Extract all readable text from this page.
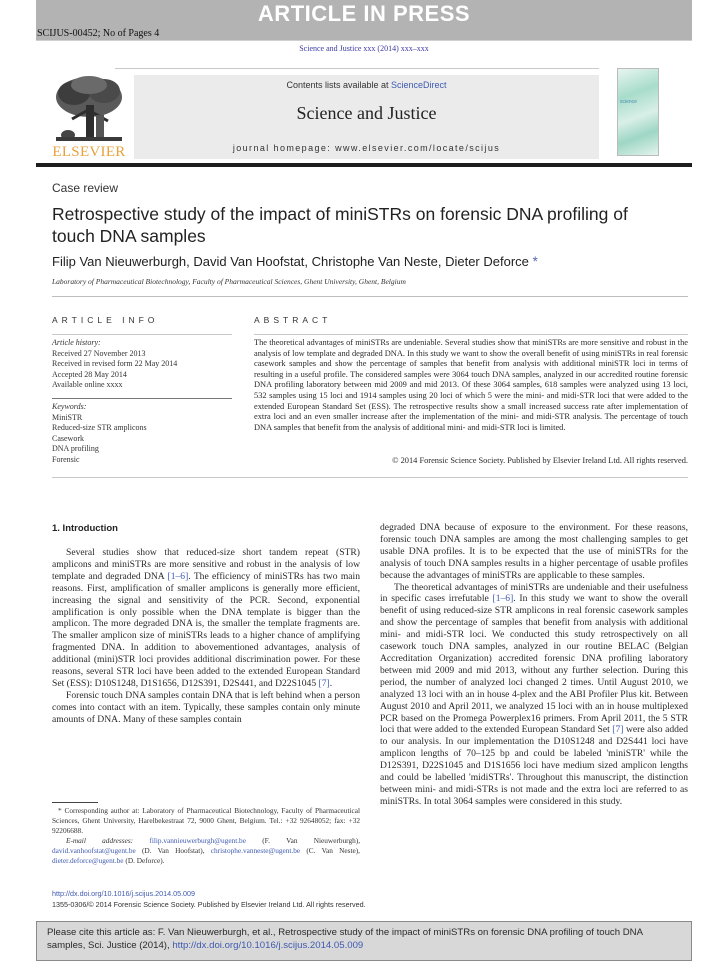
ARTICLE IN PRESS
SCIJUS-00452; No of Pages 4
Science and Justice xxx (2014) xxx–xxx
ELSEVIER
Contents lists available at ScienceDirect
Science and Justice
journal homepage: www.elsevier.com/locate/scijus
science
Case review
Retrospective study of the impact of miniSTRs on forensic DNA profiling of touch DNA samples
Filip Van Nieuwerburgh, David Van Hoofstat, Christophe Van Neste, Dieter Deforce *
Laboratory of Pharmaceutical Biotechnology, Faculty of Pharmaceutical Sciences, Ghent University, Ghent, Belgium
ARTICLE INFO	ABSTRACT
Article history:
Received 27 November 2013
Received in revised form 22 May 2014
Accepted 28 May 2014
Available online xxxx
Keywords:
MiniSTR
Reduced-size STR amplicons
Casework
DNA profiling
Forensic
The theoretical advantages of miniSTRs are undeniable. Several studies show that miniSTRs are more sensitive and robust in the analysis of low template and degraded DNA. In this study we want to show the overall benefit of using miniSTRs in real forensic casework samples and show the percentage of samples that benefit from analysis with additional miniSTR loci in terms of resulting in a useful profile. The considered samples were 3064 touch DNA samples, analyzed in our accredited routine forensic DNA profiling laboratory between mid 2009 and mid 2013. Of these 3064 samples, 618 samples were analyzed using 13 loci, 532 samples using 15 loci and 1914 samples using 20 loci of which 5 were the mini- and midi-STR loci that were added to the extended European Standard Set (ESS). The retrospective results show a small increased success rate after implementation of extra loci and an even smaller increase after the implementation of the mini- and midi-STR analysis. The percentage of touch DNA samples that benefit from the analysis of additional mini- and midi-STR loci is limited.
© 2014 Forensic Science Society. Published by Elsevier Ireland Ltd. All rights reserved.
1. Introduction

Several studies show that reduced-size short tandem repeat (STR) amplicons and miniSTRs are more sensitive and robust in the analysis of low template and degraded DNA [1–6]. The efficiency of miniSTRs has two main reasons. First, amplification of smaller amplicons is generally more efficient, increasing the signal and sensitivity of the PCR. Second, exponential amplification is only possible when the DNA template is bigger than the amplicon. The more degraded DNA is, the smaller the template fragments are. The smaller amplicon size of miniSTRs leads to a higher chance of amplifying fragmented DNA. In addition to abovementioned advantages, analysis of additional (mini)STR loci provides additional discrimination power. For these reasons, several STR loci have been added to the extended European Standard Set (ESS): D10S1248, D1S1656, D12S391, D2S441, and D22S1045 [7].

Forensic touch DNA samples contain DNA that is left behind when a person comes into contact with an item. Typically, these samples contain only minute amounts of DNA. Many of these samples contain

degraded DNA because of exposure to the environment. For these reasons, forensic touch DNA samples are among the most challenging samples to get usable DNA profiles. It is to be expected that the use of miniSTRs for the analysis of touch DNA samples results in a higher percentage of usable profiles because the advantages of miniSTRs are applicable to these samples.

The theoretical advantages of miniSTRs are undeniable and their usefulness in specific cases irrefutable [1–6]. In this study we want to show the overall benefit of using reduced-size STR amplicons in real forensic casework samples and show the percentage of samples that benefit from analysis with additional mini- and midi-STR loci. We conducted this study retrospectively on all casework touch DNA samples, analyzed in our routine BELAC (Belgian Accreditation Organization) accredited forensic DNA profiling laboratory between mid 2009 and mid 2013, without any further selection. During this period, the number of analyzed loci changed 2 times. Until August 2010, we analyzed 13 loci with an in house 4-plex and the ABI Profiler Plus kit. Between August 2010 and April 2011, we analyzed 15 loci with an in house multiplexed PCR based on the Promega Powerplex16 primers. From April 2011, the 5 STR loci that were added to the extended European Standard Set [7] were also added to our analysis. In our implementation the D10S1248 and D2S441 loci have amplicon lengths of 70–125 bp and could be labeled 'miniSTR' while the D12S391, D22S1045 and D1S1656 loci have medium sized amplicon lengths and could be labelled 'midiSTRs'. Throughout this manuscript, the distinction between mini- and midi-STRs is not made and the extra loci are referred to as miniSTRs. In total 3064 samples were considered in this study.

* Corresponding author at: Laboratory of Pharmaceutical Biotechnology, Faculty of Pharmaceutical Sciences, Ghent University, Harelbekestraat 72, 9000 Ghent, Belgium. Tel.: +32 92648052; fax: +32 92206688.
E-mail addresses: filip.vannieuwerburgh@ugent.be (F. Van Nieuwerburgh), david.vanhoofstat@ugent.be (D. Van Hoofstat), christophe.vanneste@ugent.be (C. Van Neste), dieter.deforce@ugent.be (D. Deforce).
http://dx.doi.org/10.1016/j.scijus.2014.05.009
1355-0306/© 2014 Forensic Science Society. Published by Elsevier Ireland Ltd. All rights reserved.
Please cite this article as: F. Van Nieuwerburgh, et al., Retrospective study of the impact of miniSTRs on forensic DNA profiling of touch DNA samples, Sci. Justice (2014), http://dx.doi.org/10.1016/j.scijus.2014.05.009
